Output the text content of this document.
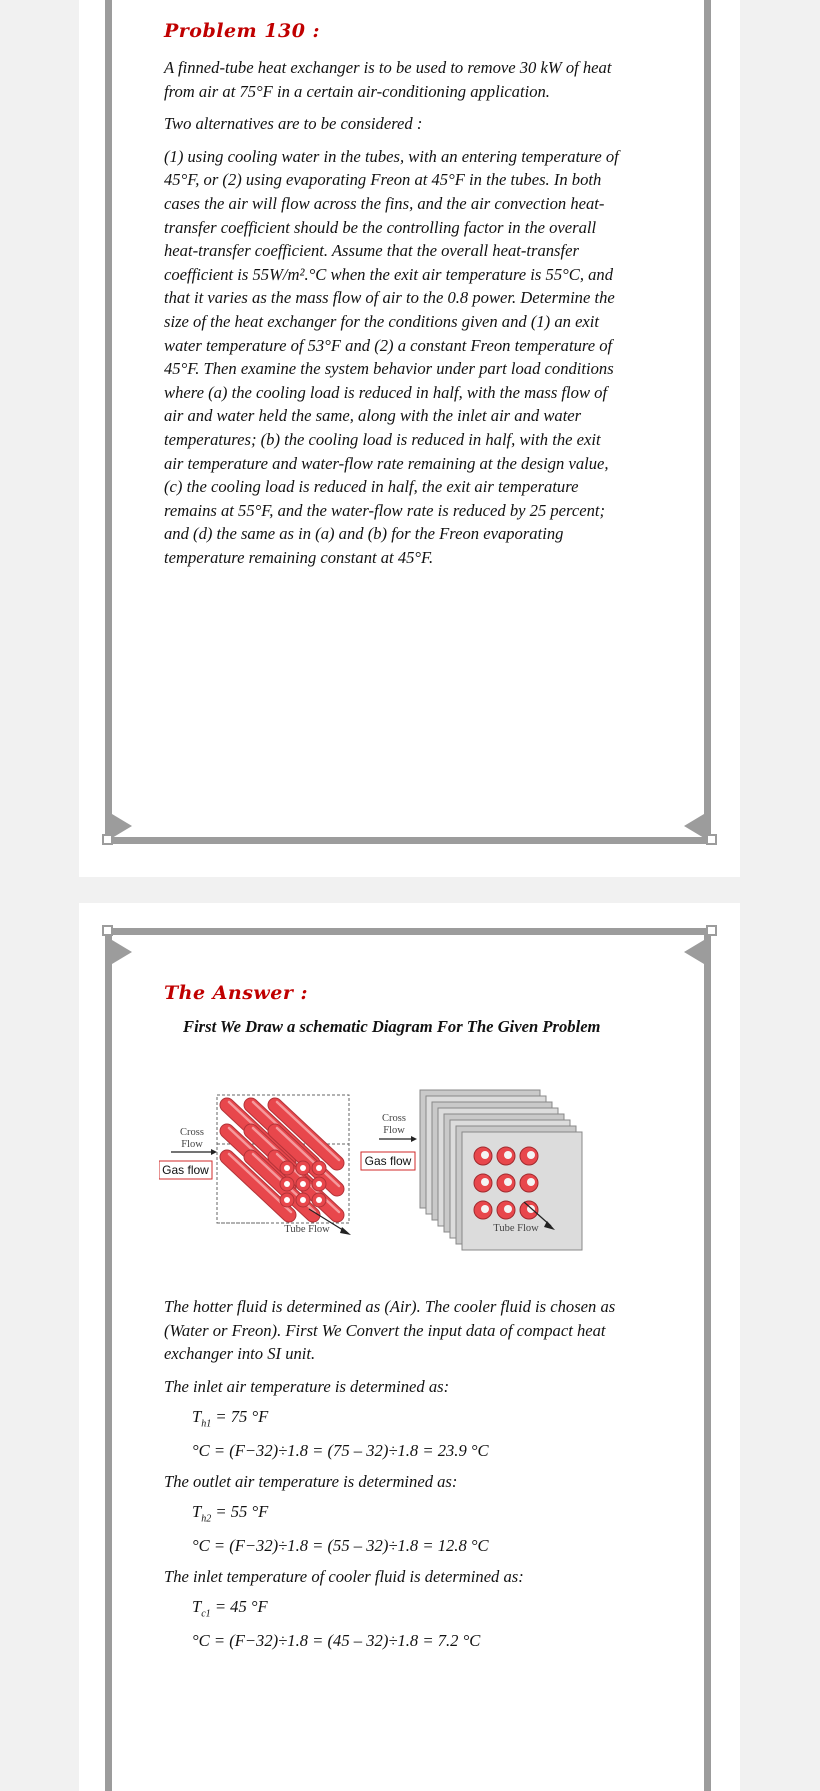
Problem 130 :

A finned-tube heat exchanger is to be used to remove 30 kW of heat
from air at 75°F in a certain air-conditioning application.

Two alternatives are to be considered :

(1) using cooling water in the tubes, with an entering temperature of
45°F, or (2) using evaporating Freon at 45°F in the tubes. In both
cases the air will flow across the fins, and the air convection heat-
transfer coefficient should be the controlling factor in the overall
heat-transfer coefficient. Assume that the overall heat-transfer
coefficient is 55W/m².°C when the exit air temperature is 55°C, and
that it varies as the mass flow of air to the 0.8 power. Determine the
size of the heat exchanger for the conditions given and (1) an exit
water temperature of 53°F and (2) a constant Freon temperature of
45°F. Then examine the system behavior under part load conditions
where (a) the cooling load is reduced in half, with the mass flow of
air and water held the same, along with the inlet air and water
temperatures; (b) the cooling load is reduced in half, with the exit
air temperature and water-flow rate remaining at the design value,
(c) the cooling load is reduced in half, the exit air temperature
remains at 55°F, and the water-flow rate is reduced by 25 percent;
and (d) the same as in (a) and (b) for the Freon evaporating
temperature remaining constant at 45°F.
The Answer :
First We Draw a schematic Diagram For The Given Problem
Cross
Flow
Gas flow
Tube Flow
Cross
Flow
Gas flow
Tube Flow
The hotter fluid is determined as (Air). The cooler fluid is chosen as
(Water or Freon). First We Convert the input data of compact heat
exchanger into SI unit.

The inlet air temperature is determined as:

$T_{h1} = 75$ °F
°C = (F−32)÷1.8 = (75 – 32)÷1.8 = 23.9 °C

The outlet air temperature is determined as:

$T_{h2} = 55$ °F
°C = (F−32)÷1.8 = (55 – 32)÷1.8 = 12.8 °C

The inlet temperature of cooler fluid is determined as:

$T_{c1} = 45$ °F
°C = (F−32)÷1.8 = (45 – 32)÷1.8 = 7.2 °C
